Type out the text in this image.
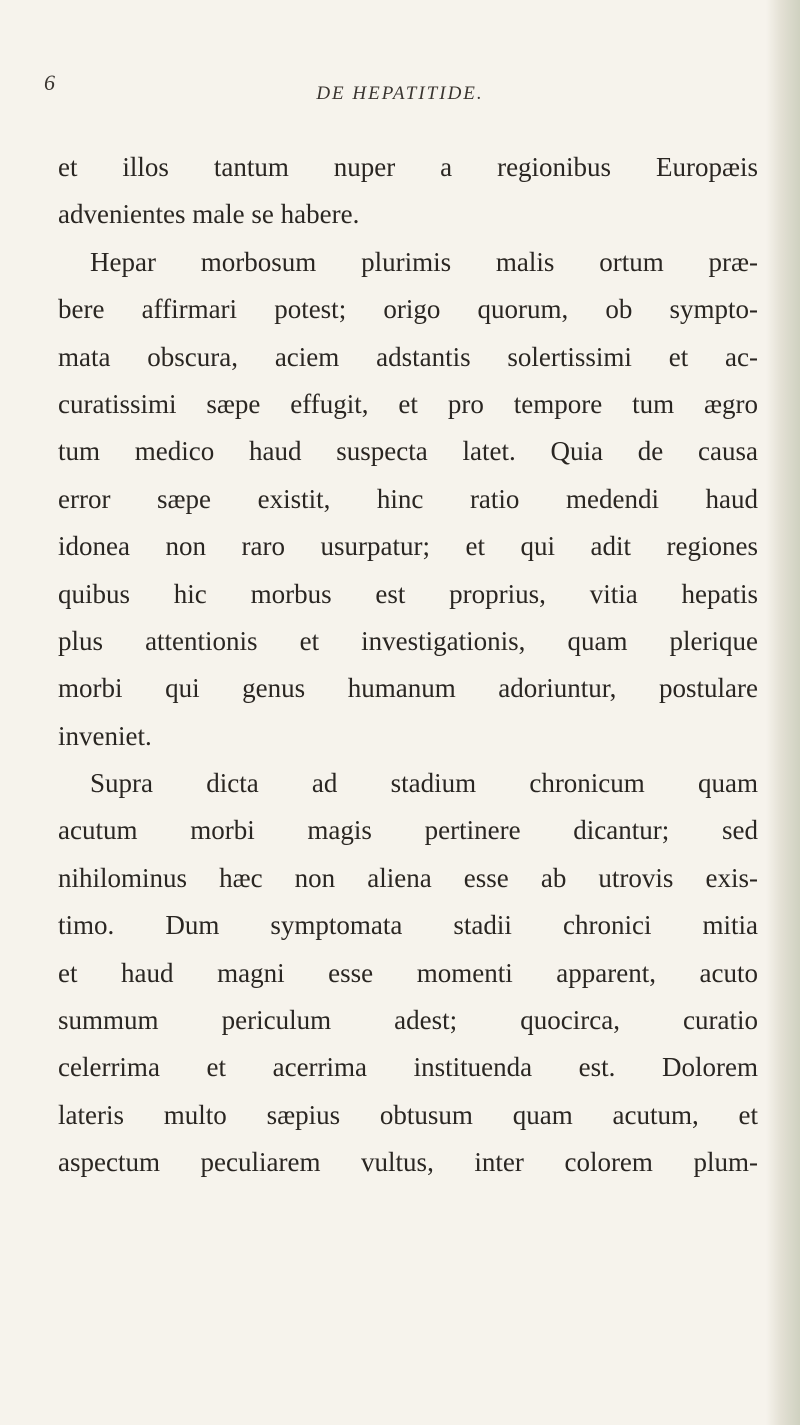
6	DE HEPATITIDE.
et illos tantum nuper a regionibus Europæis
advenientes male se habere.
Hepar morbosum plurimis malis ortum præ-
bere affirmari potest; origo quorum, ob sympto-
mata obscura, aciem adstantis solertissimi et ac-
curatissimi sæpe effugit, et pro tempore tum ægro
tum medico haud suspecta latet. Quia de causa
error sæpe existit, hinc ratio medendi haud
idonea non raro usurpatur; et qui adit regiones
quibus hic morbus est proprius, vitia hepatis
plus attentionis et investigationis, quam plerique
morbi qui genus humanum adoriuntur, postulare
inveniet.
Supra dicta ad stadium chronicum quam
acutum morbi magis pertinere dicantur; sed
nihilominus hæc non aliena esse ab utrovis exis-
timo. Dum symptomata stadii chronici mitia
et haud magni esse momenti apparent, acuto
summum periculum adest; quocirca, curatio
celerrima et acerrima instituenda est. Dolorem
lateris multo sæpius obtusum quam acutum, et
aspectum peculiarem vultus, inter colorem plum-
